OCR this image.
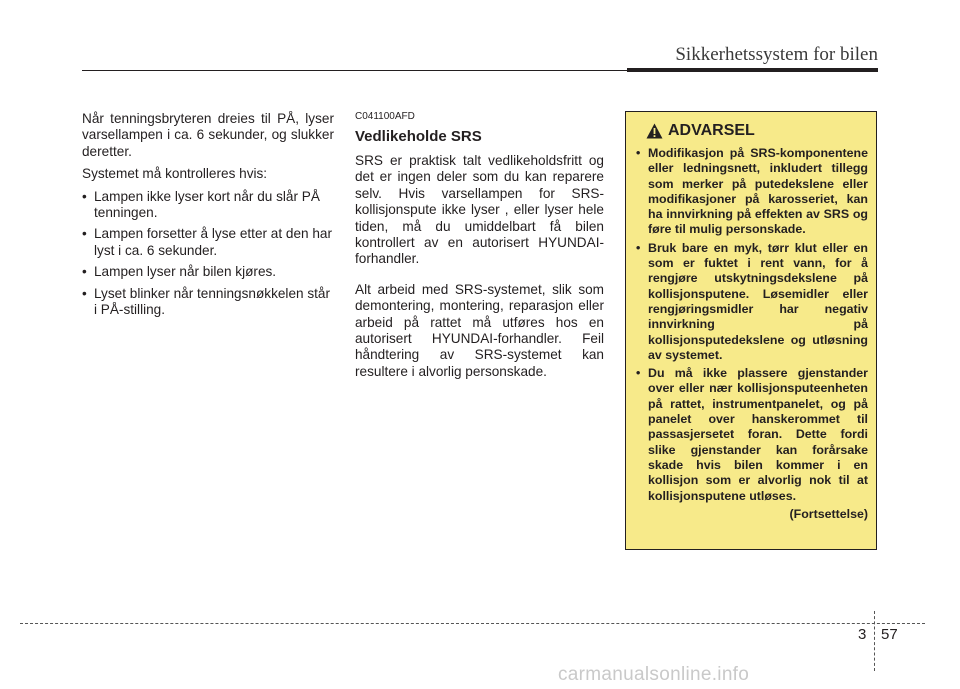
Sikkerhetssystem for bilen

Når tenningsbryteren dreies til PÅ, lyser varsellampen i ca. 6 sekunder, og slukker deretter.

Systemet må kontrolleres hvis:

• Lampen ikke lyser kort når du slår PÅ tenningen.
• Lampen forsetter å lyse etter at den har lyst i ca. 6 sekunder.
• Lampen lyser når bilen kjøres.
• Lyset blinker når tenningsnøkkelen står i PÅ-stilling.
C041100AFD
Vedlikeholde SRS

SRS er praktisk talt vedlikeholdsfritt og det er ingen deler som du kan reparere selv. Hvis varsellampen for SRS-kollisjonspute ikke lyser , eller lyser hele tiden, må du umiddelbart få bilen kontrollert av en autorisert HYUNDAI-forhandler.

Alt arbeid med SRS-systemet, slik som demontering, montering, reparasjon eller arbeid på rattet må utføres hos en autorisert HYUNDAI-forhandler. Feil håndtering av SRS-systemet kan resultere i alvorlig personskade.

ADVARSEL
• Modifikasjon på SRS-komponentene eller ledningsnett, inkludert tillegg som merker på putedekslene eller modifikasjoner på karosseriet, kan ha innvirkning på effekten av SRS og føre til mulig personskade.
• Bruk bare en myk, tørr klut eller en som er fuktet i rent vann, for å rengjøre utskytningsdekslene på kollisjonsputene. Løsemidler eller rengjøringsmidler har negativ innvirkning på kollisjonsputedekslene og utløsning av systemet.
• Du må ikke plassere gjenstander over eller nær kollisjonsputeenheten på rattet, instrumentpanelet, og på panelet over hanskerommet til passasjersetet foran. Dette fordi slike gjenstander kan forårsake skade hvis bilen kommer i en kollisjon som er alvorlig nok til at kollisjonsputene utløses.
(Fortsettelse)
3 57
carmanualsonline.info
